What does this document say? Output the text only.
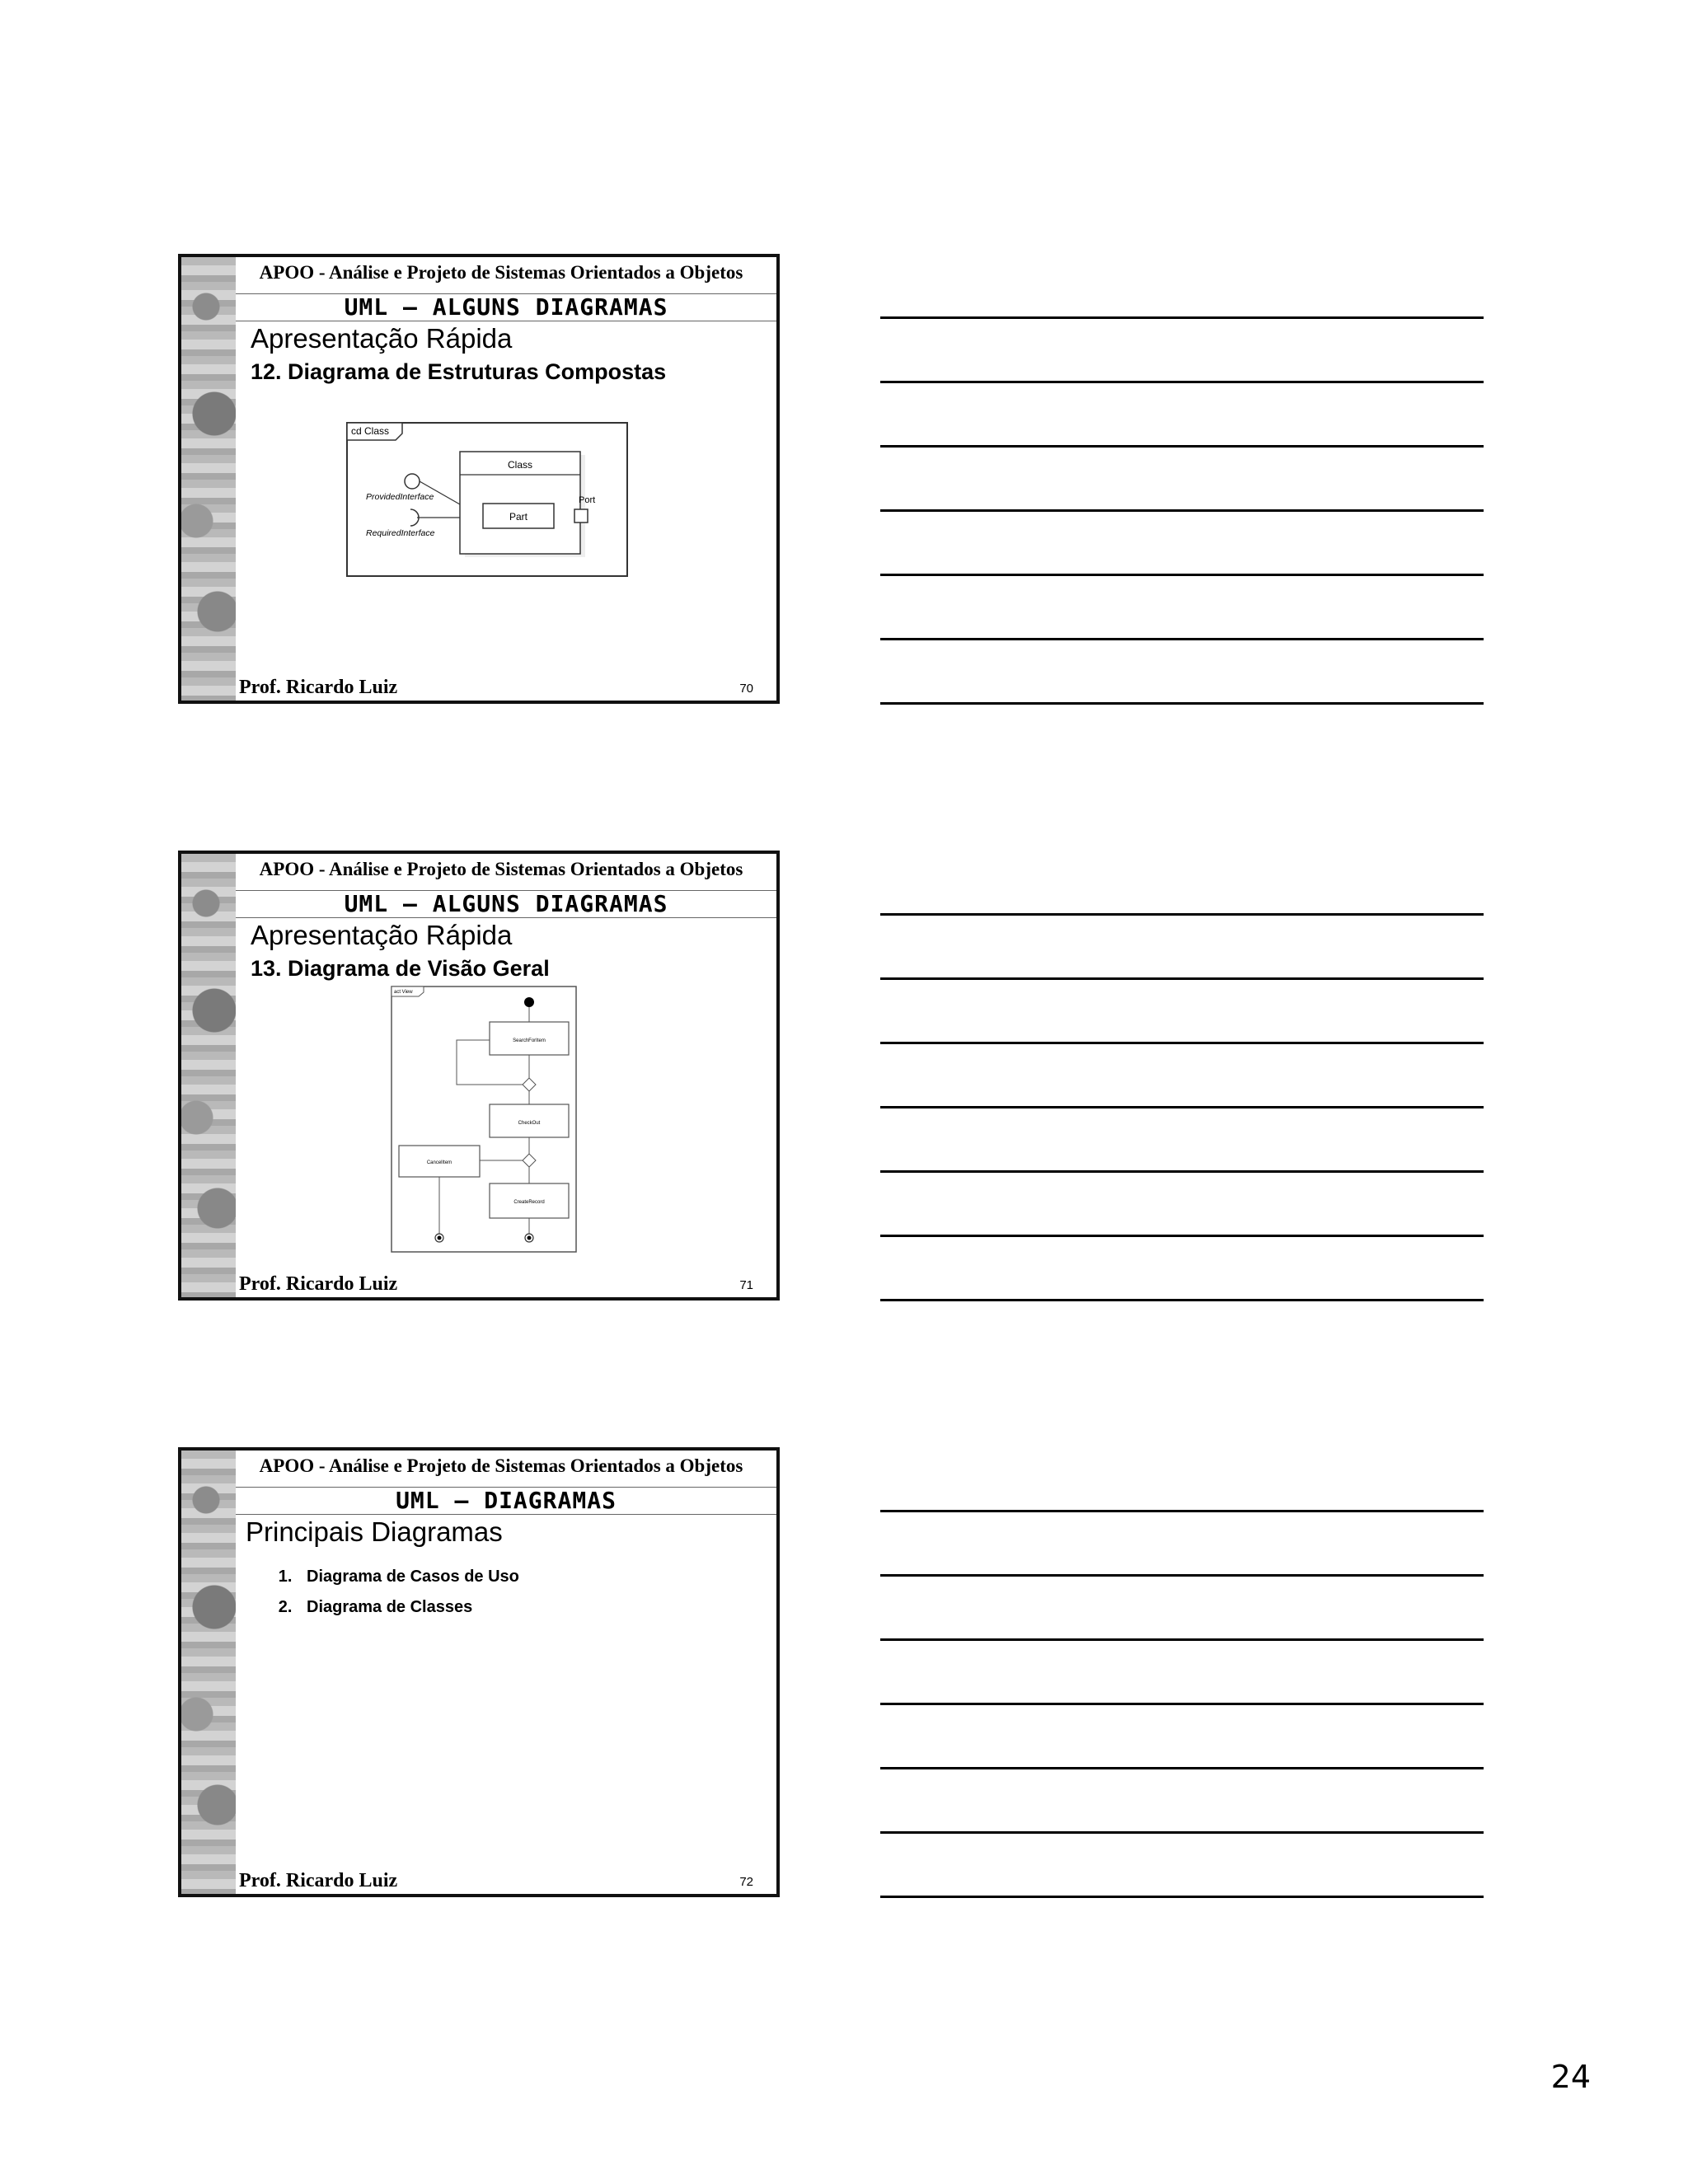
APOO - Análise e Projeto de Sistemas Orientados a Objetos
UML – ALGUNS DIAGRAMAS
Apresentação Rápida
12. Diagrama de Estruturas Compostas
cd Class
Class
Part
Port
ProvidedInterface
RequiredInterface
Prof. Ricardo Luiz	70
APOO - Análise e Projeto de Sistemas Orientados a Objetos
UML – ALGUNS DIAGRAMAS
Apresentação Rápida
13. Diagrama de Visão Geral
act View
SearchForItem
CheckOut
CancelItem
CreateRecord
Prof. Ricardo Luiz	71
APOO - Análise e Projeto de Sistemas Orientados a Objetos
UML – DIAGRAMAS
Principais Diagramas
1. Diagrama de Casos de Uso
2. Diagrama de Classes
Prof. Ricardo Luiz	72
24
